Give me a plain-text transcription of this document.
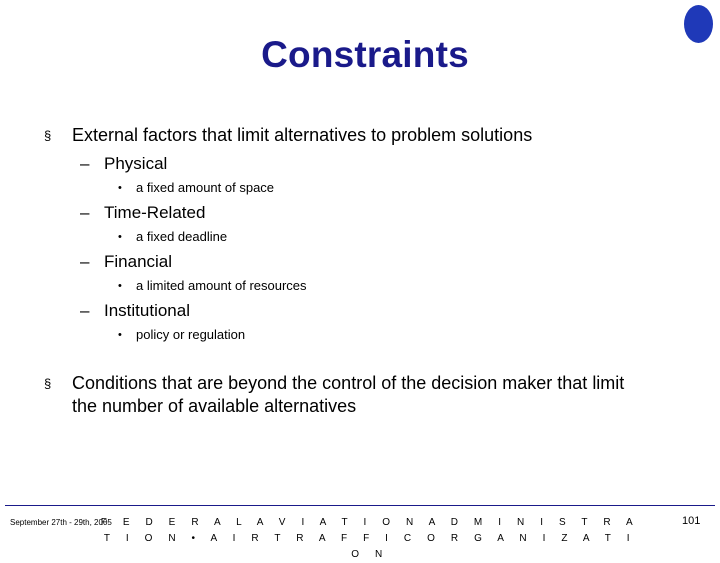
Constraints
§ External factors that limit alternatives to problem solutions
– Physical
• a fixed amount of space
– Time-Related
• a fixed deadline
– Financial
• a limited amount of resources
– Institutional
• policy or regulation
§ Conditions that are beyond the control of the decision maker that limit the number of available alternatives
September 27th - 29th, 2005
F E D E R A L A V I A T I O N A D M I N I S T R A T I O N • A I R T R A F F I C O R G A N I Z A T I O N
101
